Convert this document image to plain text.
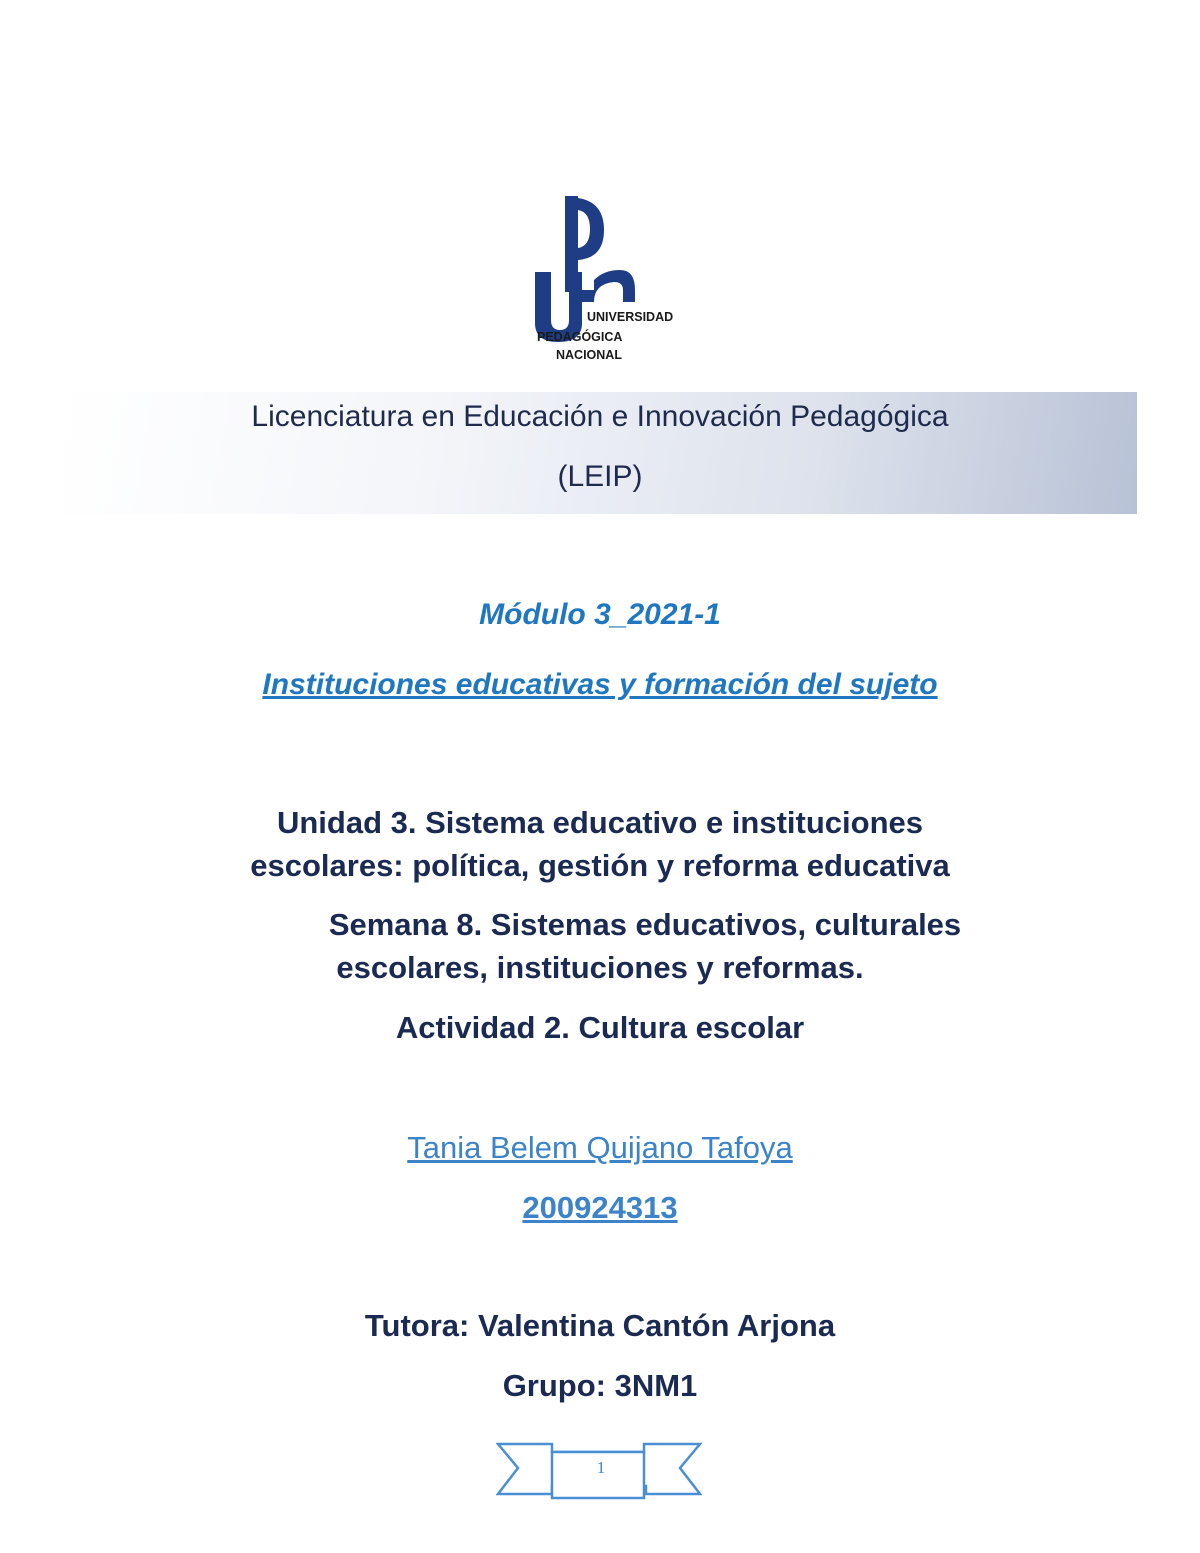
UNIVERSIDAD
PEDAGÓGICA
NACIONAL
Licenciatura en Educación e Innovación Pedagógica
(LEIP)
Módulo 3_2021-1
Instituciones educativas y formación del sujeto
Unidad 3. Sistema educativo e instituciones
escolares: política, gestión y reforma educativa
Semana 8. Sistemas educativos, culturales
escolares, instituciones y reformas.
Actividad 2. Cultura escolar
Tania Belem Quijano Tafoya
200924313
Tutora: Valentina Cantón Arjona
Grupo: 3NM1
1
